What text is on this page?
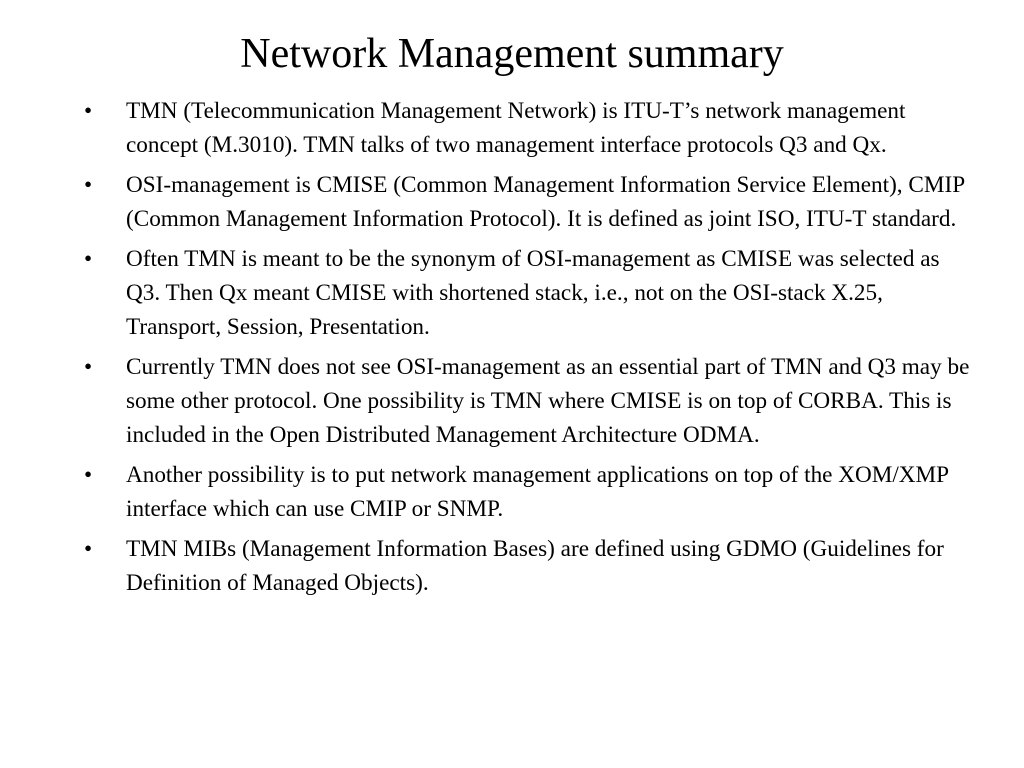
Network Management summary
•	TMN (Telecommunication Management Network) is ITU-T’s network management concept (M.3010). TMN talks of two management interface protocols Q3 and Qx.
•	OSI-management is CMISE (Common Management Information Service Element), CMIP (Common Management Information Protocol). It is defined as joint ISO, ITU-T standard.
•	Often TMN is meant to be the synonym of OSI-management as CMISE was selected as Q3. Then Qx meant CMISE with shortened stack, i.e., not on the OSI-stack X.25, Transport, Session, Presentation.
•	Currently TMN does not see OSI-management as an essential part of TMN and Q3 may be some other protocol. One possibility is TMN where CMISE is on top of CORBA. This is included in the Open Distributed Management Architecture ODMA.
•	Another possibility is to put network management applications on top of the XOM/XMP interface which can use CMIP or SNMP.
•	TMN MIBs (Management Information Bases) are defined using GDMO (Guidelines for Definition of Managed Objects).
